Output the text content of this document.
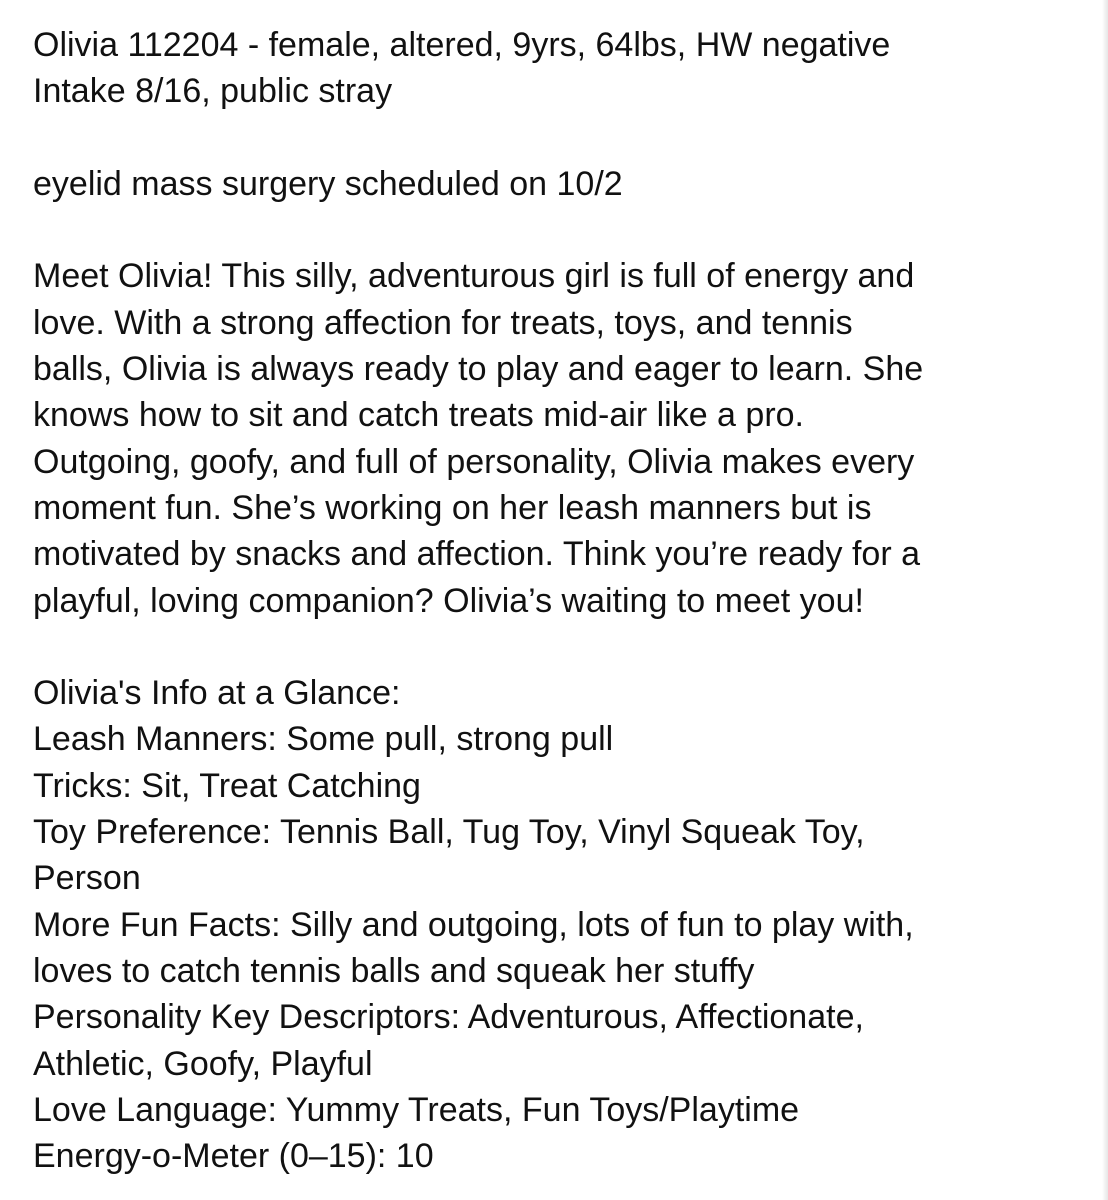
Olivia 112204 - female, altered, 9yrs, 64lbs, HW negative
Intake 8/16, public stray
eyelid mass surgery scheduled on 10/2
Meet Olivia! This silly, adventurous girl is full of energy and
love. With a strong affection for treats, toys, and tennis
balls, Olivia is always ready to play and eager to learn. She
knows how to sit and catch treats mid-air like a pro.
Outgoing, goofy, and full of personality, Olivia makes every
moment fun. She’s working on her leash manners but is
motivated by snacks and affection. Think you’re ready for a
playful, loving companion? Olivia’s waiting to meet you!
Olivia's Info at a Glance:
Leash Manners: Some pull, strong pull
Tricks: Sit, Treat Catching
Toy Preference: Tennis Ball, Tug Toy, Vinyl Squeak Toy,
Person
More Fun Facts: Silly and outgoing, lots of fun to play with,
loves to catch tennis balls and squeak her stuffy
Personality Key Descriptors: Adventurous, Affectionate,
Athletic, Goofy, Playful
Love Language: Yummy Treats, Fun Toys/Playtime
Energy-o-Meter (0–15): 10
